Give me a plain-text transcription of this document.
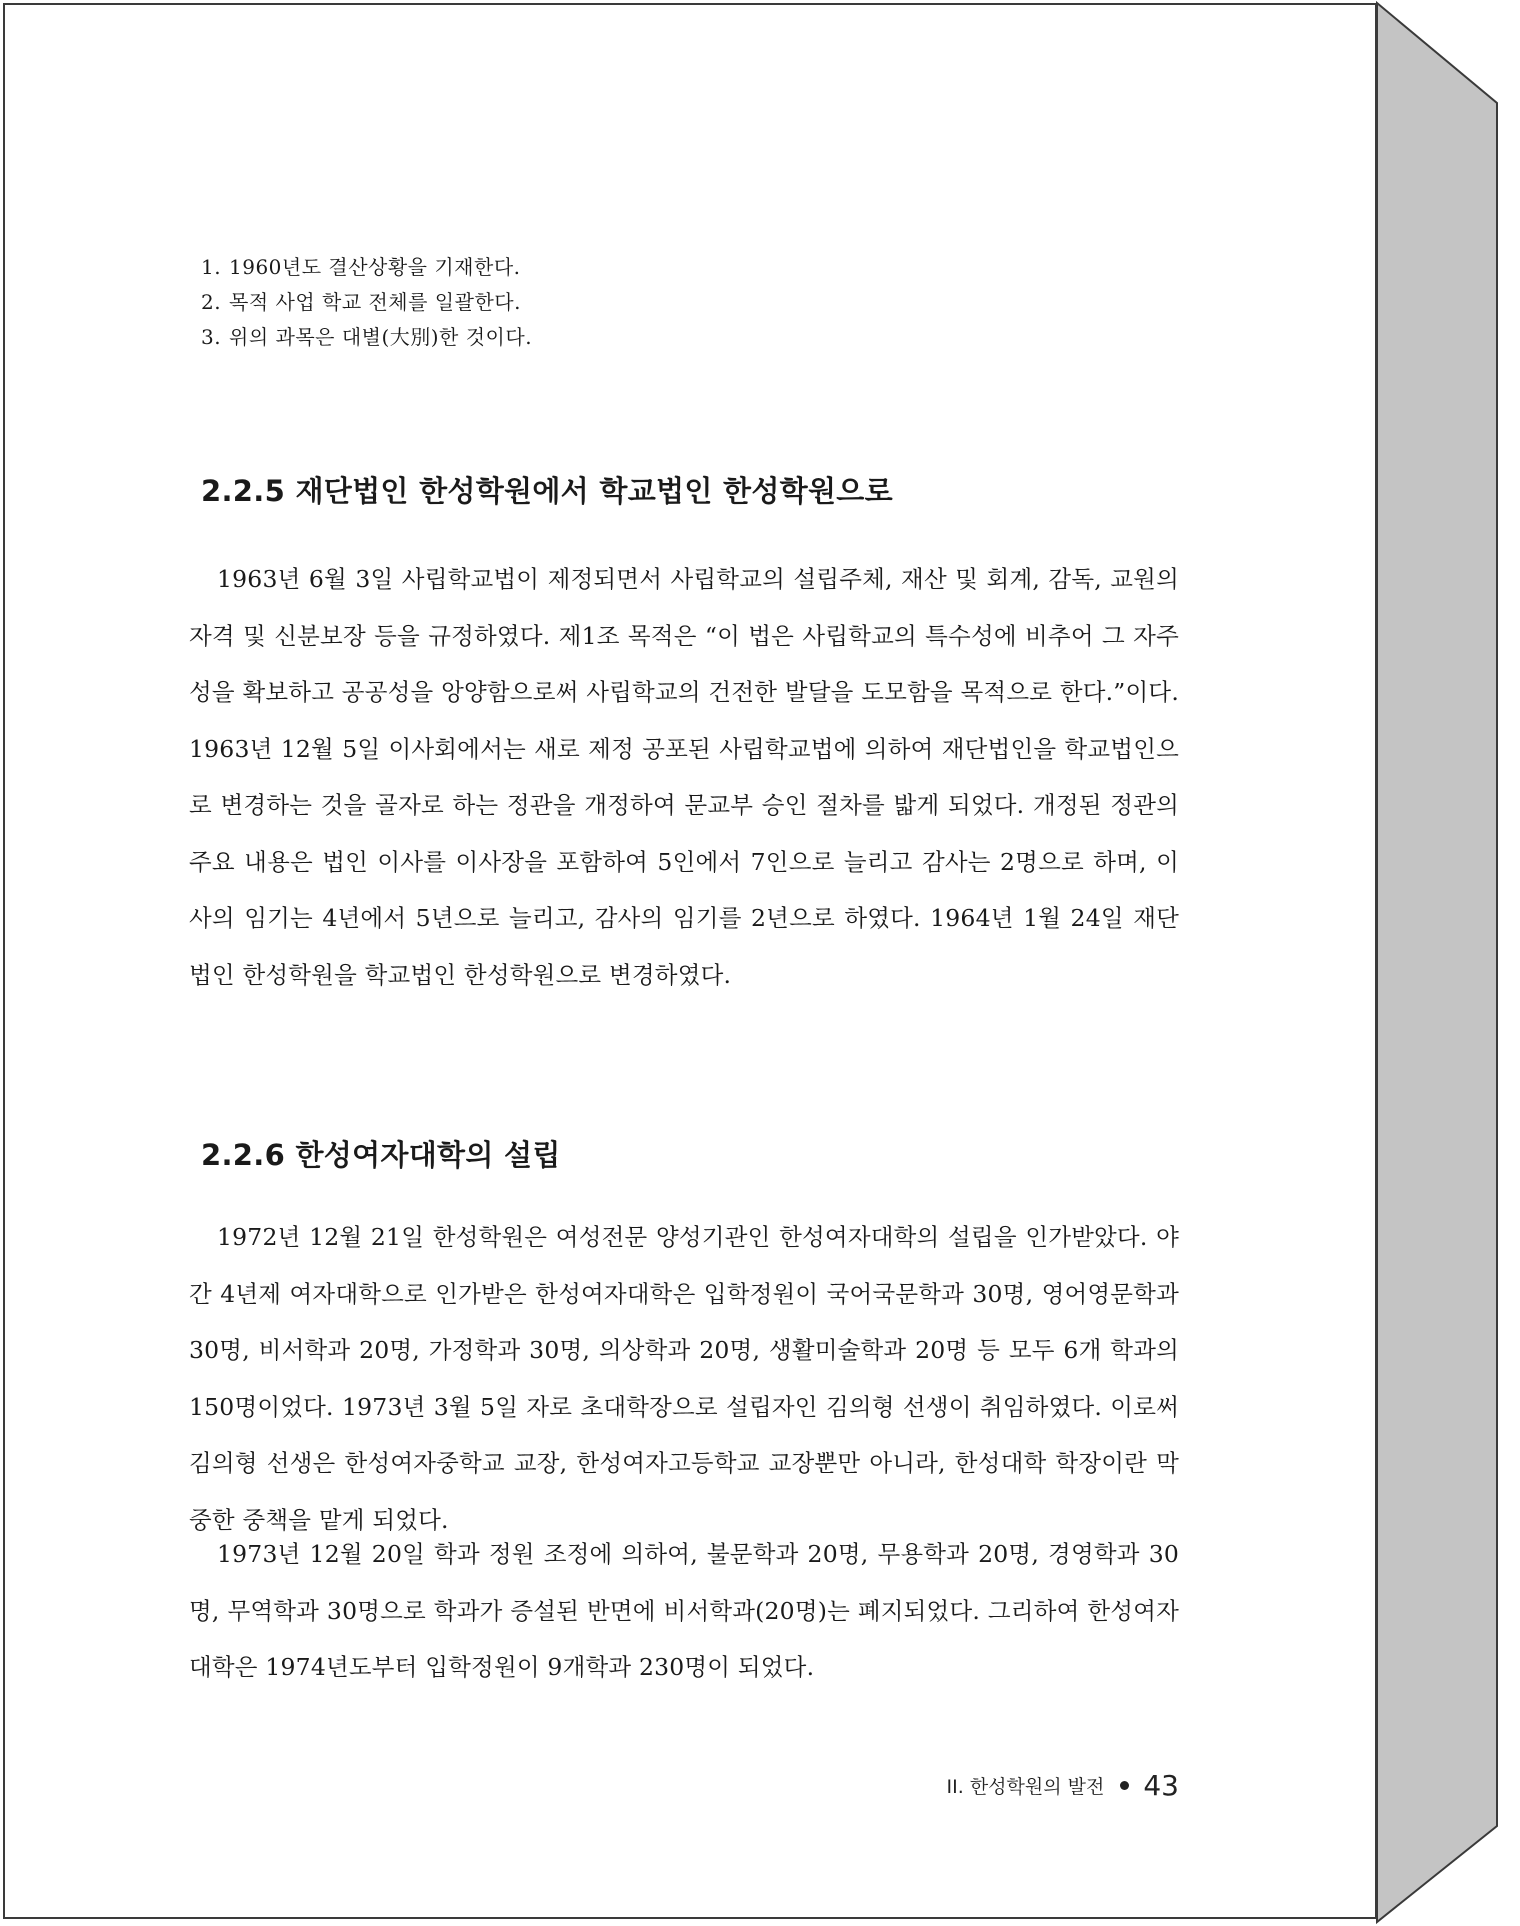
1. 1960년도 결산상황을 기재한다.
2. 목적 사업 학교 전체를 일괄한다.
3. 위의 과목은 대별(大別)한 것이다.
2.2.5 재단법인 한성학원에서 학교법인 한성학원으로

1963년 6월 3일 사립학교법이 제정되면서 사립학교의 설립주체, 재산 및 회계, 감독, 교원의 자격 및 신분보장 등을 규정하였다. 제1조 목적은 “이 법은 사립학교의 특수성에 비추어 그 자주성을 확보하고 공공성을 앙양함으로써 사립학교의 건전한 발달을 도모함을 목적으로 한다.”이다. 1963년 12월 5일 이사회에서는 새로 제정 공포된 사립학교법에 의하여 재단법인을 학교법인으로 변경하는 것을 골자로 하는 정관을 개정하여 문교부 승인 절차를 밟게 되었다. 개정된 정관의 주요 내용은 법인 이사를 이사장을 포함하여 5인에서 7인으로 늘리고 감사는 2명으로 하며, 이사의 임기는 4년에서 5년으로 늘리고, 감사의 임기를 2년으로 하였다. 1964년 1월 24일 재단법인 한성학원을 학교법인 한성학원으로 변경하였다.

2.2.6 한성여자대학의 설립

1972년 12월 21일 한성학원은 여성전문 양성기관인 한성여자대학의 설립을 인가받았다. 야간 4년제 여자대학으로 인가받은 한성여자대학은 입학정원이 국어국문학과 30명, 영어영문학과 30명, 비서학과 20명, 가정학과 30명, 의상학과 20명, 생활미술학과 20명 등 모두 6개 학과의 150명이었다. 1973년 3월 5일 자로 초대학장으로 설립자인 김의형 선생이 취임하였다. 이로써 김의형 선생은 한성여자중학교 교장, 한성여자고등학교 교장뿐만 아니라, 한성대학 학장이란 막중한 중책을 맡게 되었다.

1973년 12월 20일 학과 정원 조정에 의하여, 불문학과 20명, 무용학과 20명, 경영학과 30명, 무역학과 30명으로 학과가 증설된 반면에 비서학과(20명)는 폐지되었다. 그리하여 한성여자대학은 1974년도부터 입학정원이 9개학과 230명이 되었다.

II. 한성학원의 발전 43
